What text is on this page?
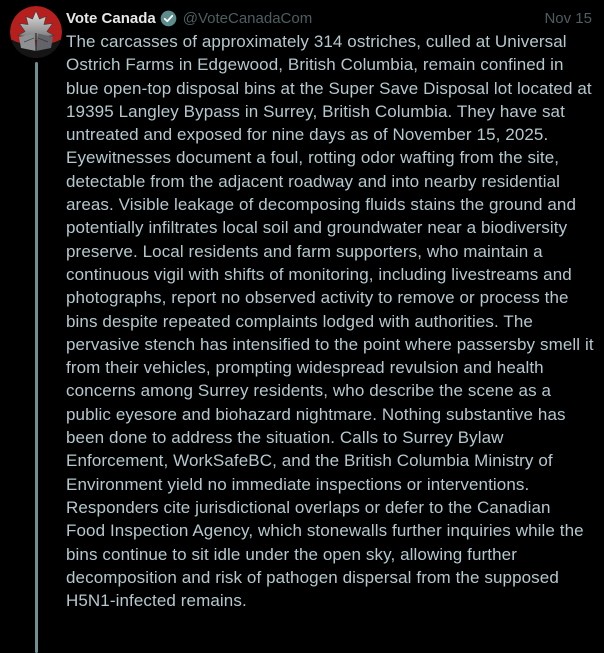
Vote Canada @VoteCanadaCom	Nov 15

The carcasses of approximately 314 ostriches, culled at Universal Ostrich Farms in Edgewood, British Columbia, remain confined in blue open-top disposal bins at the Super Save Disposal lot located at 19395 Langley Bypass in Surrey, British Columbia. They have sat untreated and exposed for nine days as of November 15, 2025. Eyewitnesses document a foul, rotting odor wafting from the site, detectable from the adjacent roadway and into nearby residential areas. Visible leakage of decomposing fluids stains the ground and potentially infiltrates local soil and groundwater near a biodiversity preserve. Local residents and farm supporters, who maintain a continuous vigil with shifts of monitoring, including livestreams and photographs, report no observed activity to remove or process the bins despite repeated complaints lodged with authorities. The pervasive stench has intensified to the point where passersby smell it from their vehicles, prompting widespread revulsion and health concerns among Surrey residents, who describe the scene as a public eyesore and biohazard nightmare. Nothing substantive has been done to address the situation. Calls to Surrey Bylaw Enforcement, WorkSafeBC, and the British Columbia Ministry of Environment yield no immediate inspections or interventions. Responders cite jurisdictional overlaps or defer to the Canadian Food Inspection Agency, which stonewalls further inquiries while the bins continue to sit idle under the open sky, allowing further decomposition and risk of pathogen dispersal from the supposed H5N1-infected remains.
